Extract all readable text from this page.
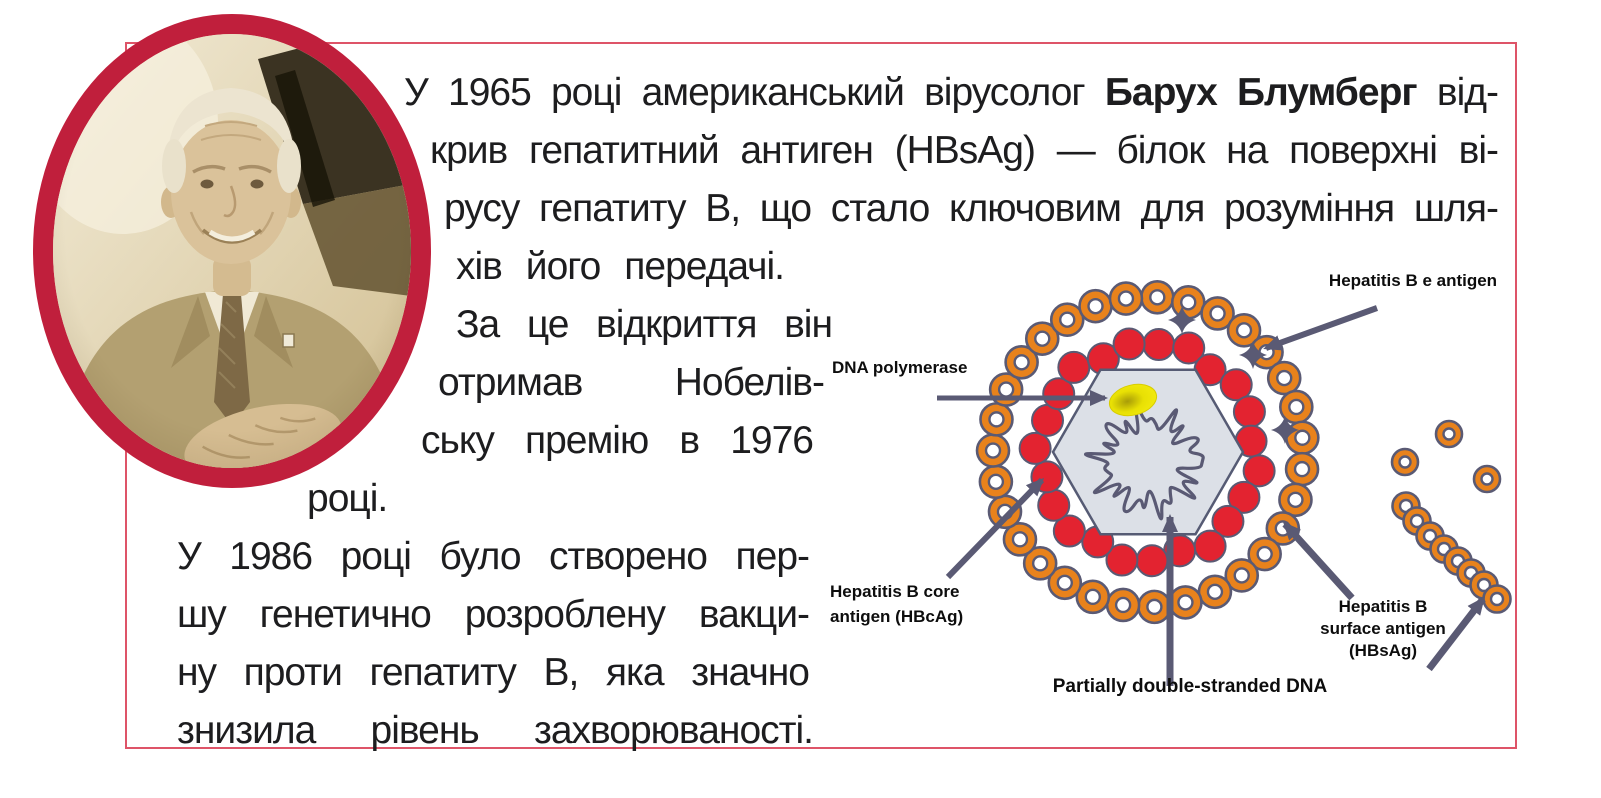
У 1965 році американський вірусолог Барух Блумберг від-
крив гепатитний антиген (HBsAg) — білок на поверхні ві-
русу гепатиту В, що стало ключовим для розуміння шля-
хів його передачі.
За це відкриття він
отримав Нобелів-
ську премію в 1976
році.
У 1986 році було створено пер-
шу генетично розроблену вакци-
ну проти гепатиту В, яка значно
знизила рівень захворюваності.
Hepatitis B e antigen
DNA polymerase
Hepatitis B core
antigen (HBcAg)
Partially double-stranded DNA
Hepatitis B
surface antigen
(HBsAg)
